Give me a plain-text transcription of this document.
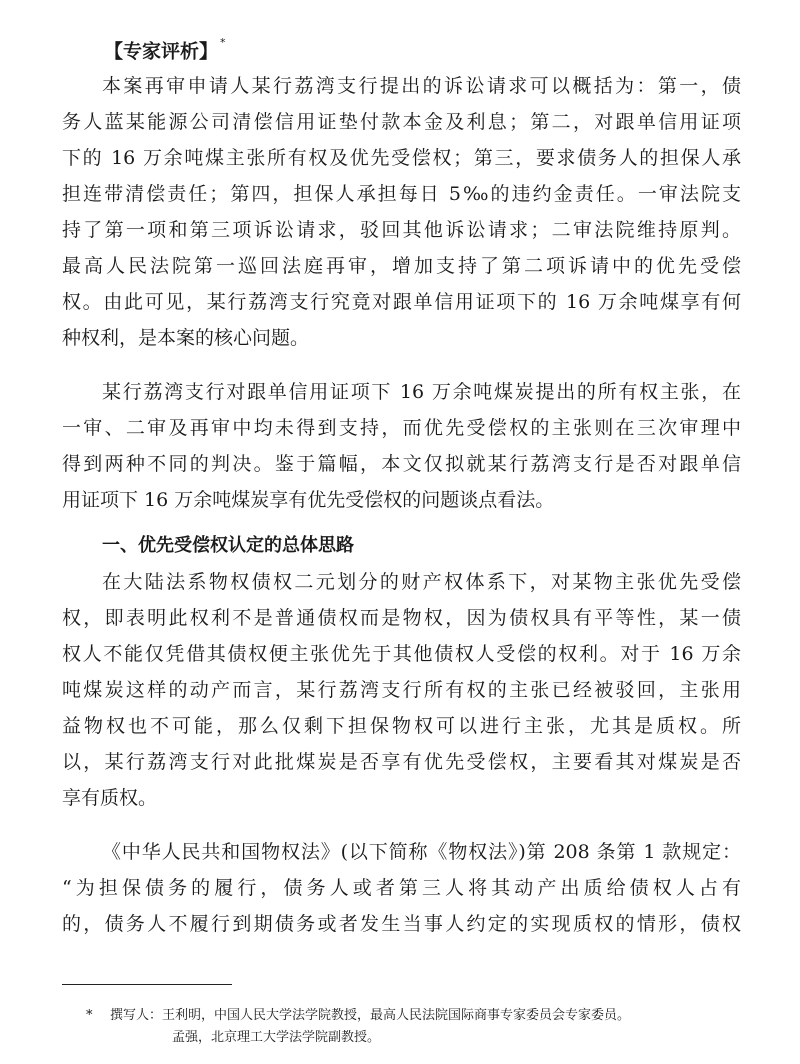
【专家评析】 *
本案再审申请人某行荔湾支行提出的诉讼请求可以概括为：第一，债
务人蓝某能源公司清偿信用证垫付款本金及利息；第二，对跟单信用证项
下的 16 万余吨煤主张所有权及优先受偿权；第三，要求债务人的担保人承
担连带清偿责任；第四，担保人承担每日 5‰的违约金责任。一审法院支
持了第一项和第三项诉讼请求，驳回其他诉讼请求；二审法院维持原判。
最高人民法院第一巡回法庭再审，增加支持了第二项诉请中的优先受偿
权。由此可见，某行荔湾支行究竟对跟单信用证项下的 16 万余吨煤享有何
种权利，是本案的核心问题。
某行荔湾支行对跟单信用证项下 16 万余吨煤炭提出的所有权主张，在
一审、二审及再审中均未得到支持，而优先受偿权的主张则在三次审理中
得到两种不同的判决。鉴于篇幅，本文仅拟就某行荔湾支行是否对跟单信
用证项下 16 万余吨煤炭享有优先受偿权的问题谈点看法。
一、优先受偿权认定的总体思路
在大陆法系物权债权二元划分的财产权体系下，对某物主张优先受偿
权，即表明此权利不是普通债权而是物权，因为债权具有平等性，某一债
权人不能仅凭借其债权便主张优先于其他债权人受偿的权利。对于 16 万余
吨煤炭这样的动产而言，某行荔湾支行所有权的主张已经被驳回，主张用
益物权也不可能，那么仅剩下担保物权可以进行主张，尤其是质权。所
以，某行荔湾支行对此批煤炭是否享有优先受偿权，主要看其对煤炭是否
享有质权。
《中华人民共和国物权法》(以下简称《物权法》)第 208 条第 1 款规定：
“为担保债务的履行，债务人或者第三人将其动产出质给债权人占有
的，债务人不履行到期债务或者发生当事人约定的实现质权的情形，债权
* 撰写人：王利明，中国人民大学法学院教授，最高人民法院国际商事专家委员会专家委员。
孟强，北京理工大学法学院副教授。
